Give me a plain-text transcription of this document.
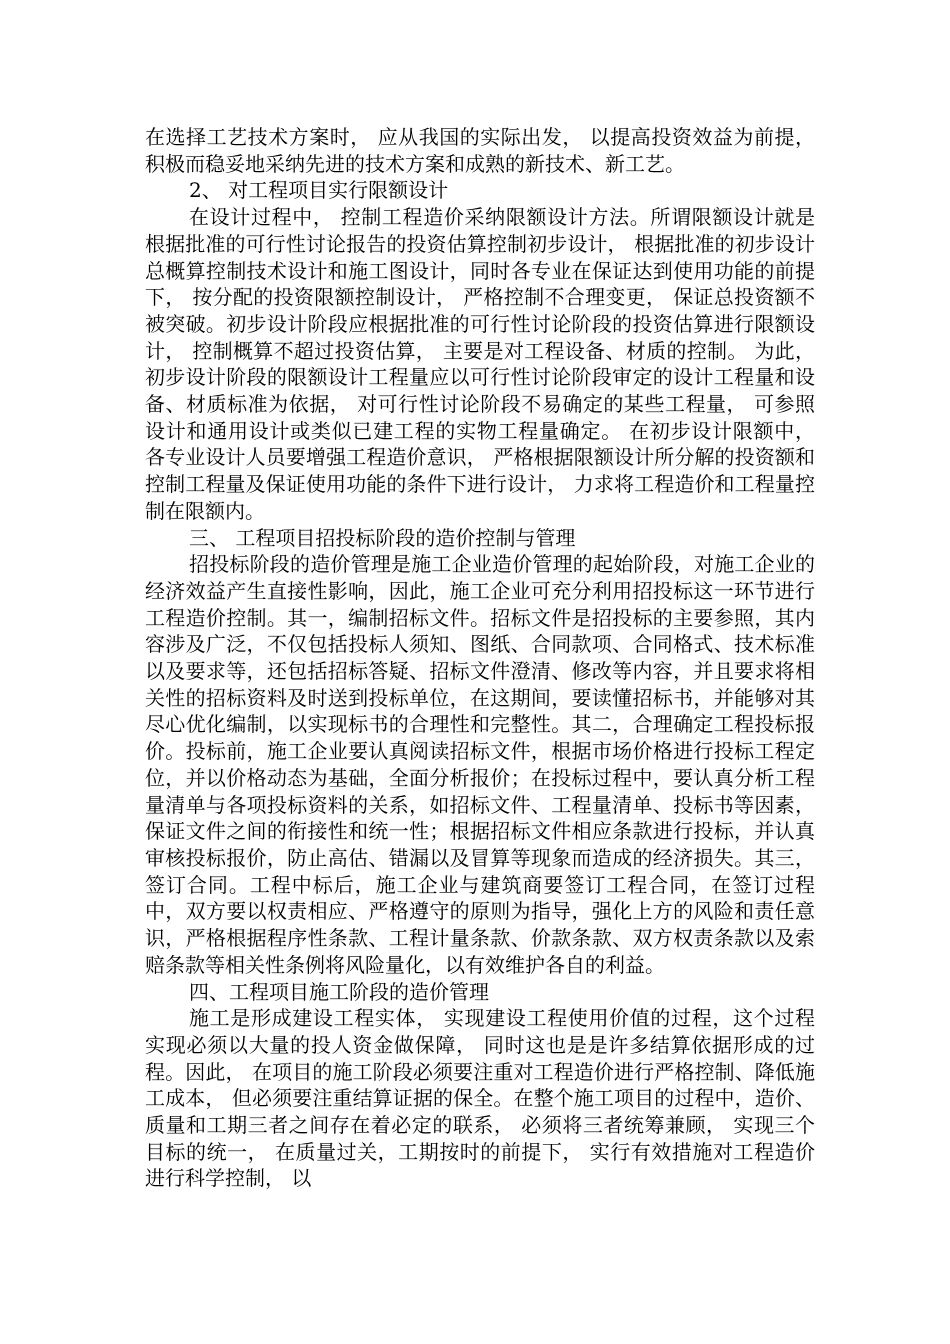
在选择工艺技术方案时， 应从我国的实际出发， 以提高投资效益为前提， 积极而稳妥地采纳先进的技术方案和成熟的新技术、新工艺。

2、 对工程项目实行限额设计

在设计过程中， 控制工程造价采纳限额设计方法。所谓限额设计就是根据批准的可行性讨论报告的投资估算控制初步设计， 根据批准的初步设计总概算控制技术设计和施工图设计，同时各专业在保证达到使用功能的前提下， 按分配的投资限额控制设计， 严格控制不合理变更， 保证总投资额不被突破。初步设计阶段应根据批准的可行性讨论阶段的投资估算进行限额设计， 控制概算不超过投资估算， 主要是对工程设备、材质的控制。 为此， 初步设计阶段的限额设计工程量应以可行性讨论阶段审定的设计工程量和设备、材质标准为依据， 对可行性讨论阶段不易确定的某些工程量， 可参照设计和通用设计或类似已建工程的实物工程量确定。 在初步设计限额中， 各专业设计人员要增强工程造价意识， 严格根据限额设计所分解的投资额和控制工程量及保证使用功能的条件下进行设计， 力求将工程造价和工程量控制在限额内。

三、 工程项目招投标阶段的造价控制与管理

招投标阶段的造价管理是施工企业造价管理的起始阶段，对施工企业的经济效益产生直接性影响，因此，施工企业可充分利用招投标这一环节进行工程造价控制。其一，编制招标文件。招标文件是招投标的主要参照，其内容涉及广泛，不仅包括投标人须知、图纸、合同款项、合同格式、技术标准以及要求等，还包括招标答疑、招标文件澄清、修改等内容，并且要求将相关性的招标资料及时送到投标单位，在这期间，要读懂招标书，并能够对其尽心优化编制，以实现标书的合理性和完整性。其二，合理确定工程投标报价。投标前，施工企业要认真阅读招标文件，根据市场价格进行投标工程定位，并以价格动态为基础，全面分析报价；在投标过程中，要认真分析工程量清单与各项投标资料的关系，如招标文件、工程量清单、投标书等因素，保证文件之间的衔接性和统一性；根据招标文件相应条款进行投标，并认真审核投标报价，防止高估、错漏以及冒算等现象而造成的经济损失。其三，签订合同。工程中标后，施工企业与建筑商要签订工程合同，在签订过程中，双方要以权责相应、严格遵守的原则为指导，强化上方的风险和责任意识，严格根据程序性条款、工程计量条款、价款条款、双方权责条款以及索赔条款等相关性条例将风险量化，以有效维护各自的利益。

四、工程项目施工阶段的造价管理

施工是形成建设工程实体， 实现建设工程使用价值的过程，这个过程实现必须以大量的投人资金做保障， 同时这也是是许多结算依据形成的过程。因此， 在项目的施工阶段必须要注重对工程造价进行严格控制、降低施工成本， 但必须要注重结算证据的保全。在整个施工项目的过程中，造价、质量和工期三者之间存在着必定的联系， 必须将三者统筹兼顾， 实现三个目标的统一， 在质量过关，工期按时的前提下， 实行有效措施对工程造价进行科学控制， 以
